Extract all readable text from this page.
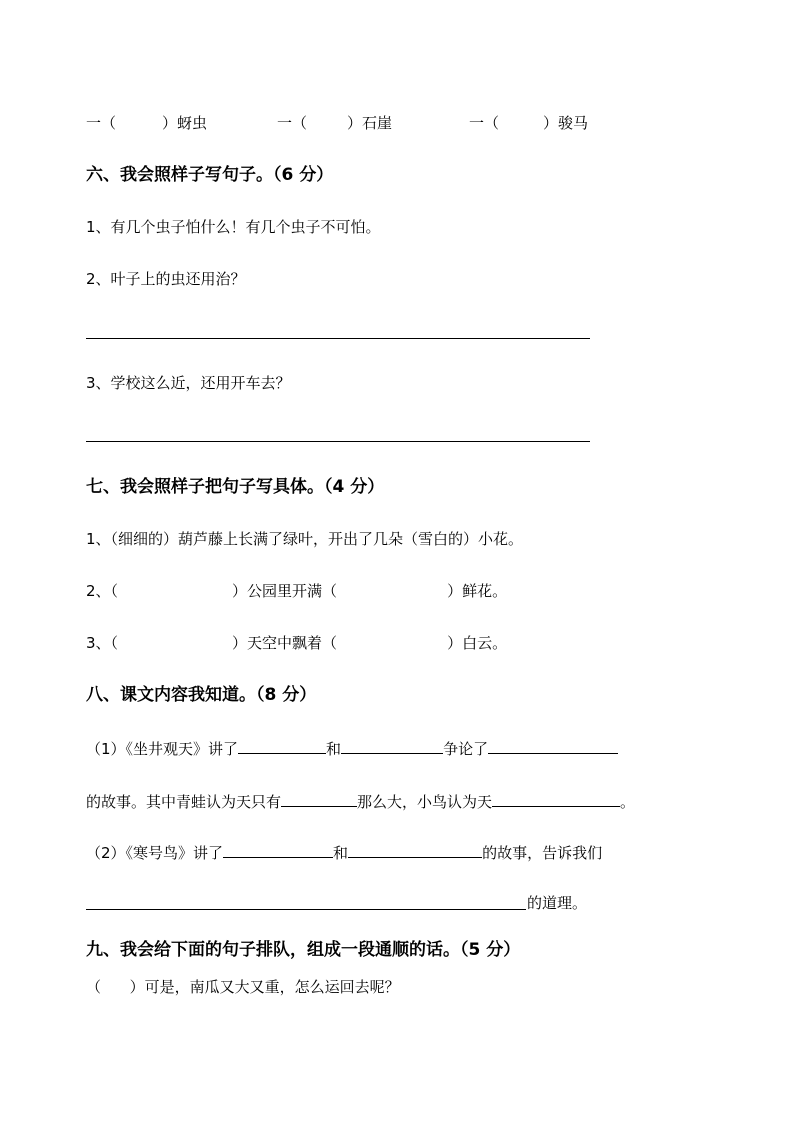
一（	）蚜虫	一（	）石崖	一（	）骏马
六、我会照样子写句子。（6 分）
1、有几个虫子怕什么！有几个虫子不可怕。
2、叶子上的虫还用治？
3、学校这么近，还用开车去？
七、我会照样子把句子写具体。（4 分）
1、（细细的）葫芦藤上长满了绿叶，开出了几朵（雪白的）小花。
2、（	）公园里开满（	）鲜花。
3、（	）天空中飘着（	）白云。
八、课文内容我知道。（8 分）
（1）《坐井观天》讲了	和	争论了
的故事。其中青蛙认为天只有	那么大，小鸟认为天	。
（2）《寒号鸟》讲了	和	的故事，告诉我们
的道理。
九、我会给下面的句子排队，组成一段通顺的话。（5 分）
（      ）可是，南瓜又大又重，怎么运回去呢？
